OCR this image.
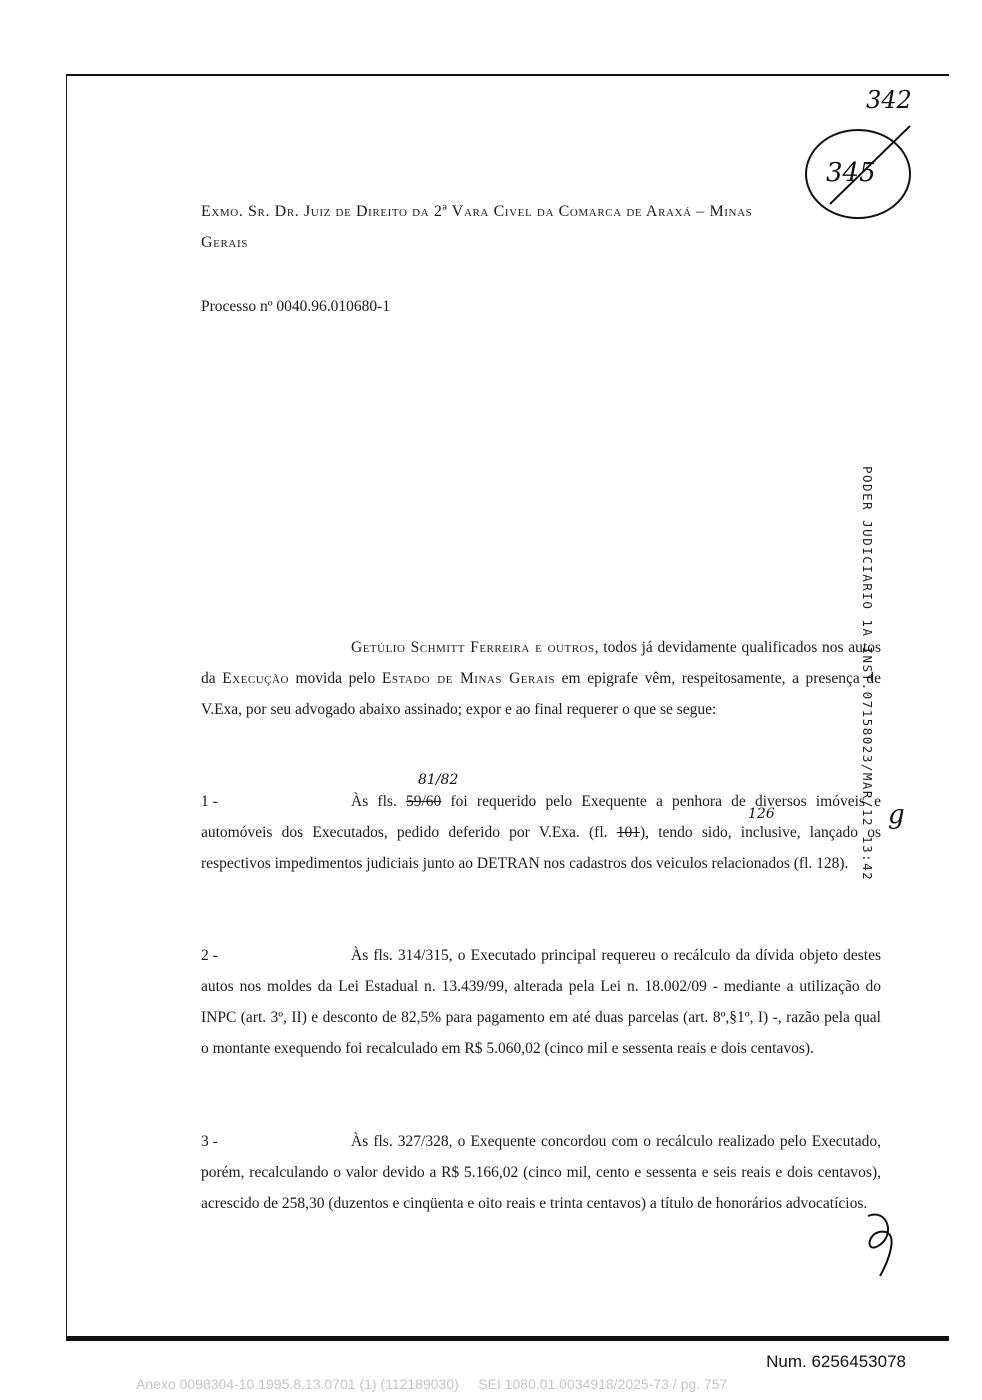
342
345
Exmo. Sr. Dr. Juiz de Direito da 2ª Vara Civel da Comarca de Araxá – Minas
Gerais
Processo nº 0040.96.010680-1
PODER JUDICIARIO 1A INST.07158023/MAR/12 13:42
Getúlio Schmitt Ferreira e outros, todos já devidamente qualificados nos autos da Execução movida pelo Estado de Minas Gerais em epigrafe vêm, respeitosamente, a presença de V.Exa, por seu advogado abaixo assinado; expor e ao final requerer o que se segue:
81/82
126
1 -	Às fls. 59/60 foi requerido pelo Exequente a penhora de diversos imóveis e automóveis dos Executados, pedido deferido por V.Exa. (fl. 101), tendo sido, inclusive, lançado os respectivos impedimentos judiciais junto ao DETRAN nos cadastros dos veiculos relacionados (fl. 128).
g
2 -	Às fls. 314/315, o Executado principal requereu o recálculo da dívida objeto destes autos nos moldes da Lei Estadual n. 13.439/99, alterada pela Lei n. 18.002/09 - mediante a utilização do INPC (art. 3º, II) e desconto de 82,5% para pagamento em até duas parcelas (art. 8º,§1º, I) -, razão pela qual o montante exequendo foi recalculado em R$ 5.060,02 (cinco mil e sessenta reais e dois centavos).
3 -	Às fls. 327/328, o Exequente concordou com o recálculo realizado pelo Executado, porém, recalculando o valor devido a R$ 5.166,02 (cinco mil, cento e sessenta e seis reais e dois centavos), acrescido de 258,30 (duzentos e cinqüenta e oito reais e trinta centavos) a título de honorários advocatícios.
Num. 6256453078
Anexo 0098304-10.1995.8.13.0701 (1) (112189030)     SEI 1080.01.0034918/2025-73 / pg. 757
